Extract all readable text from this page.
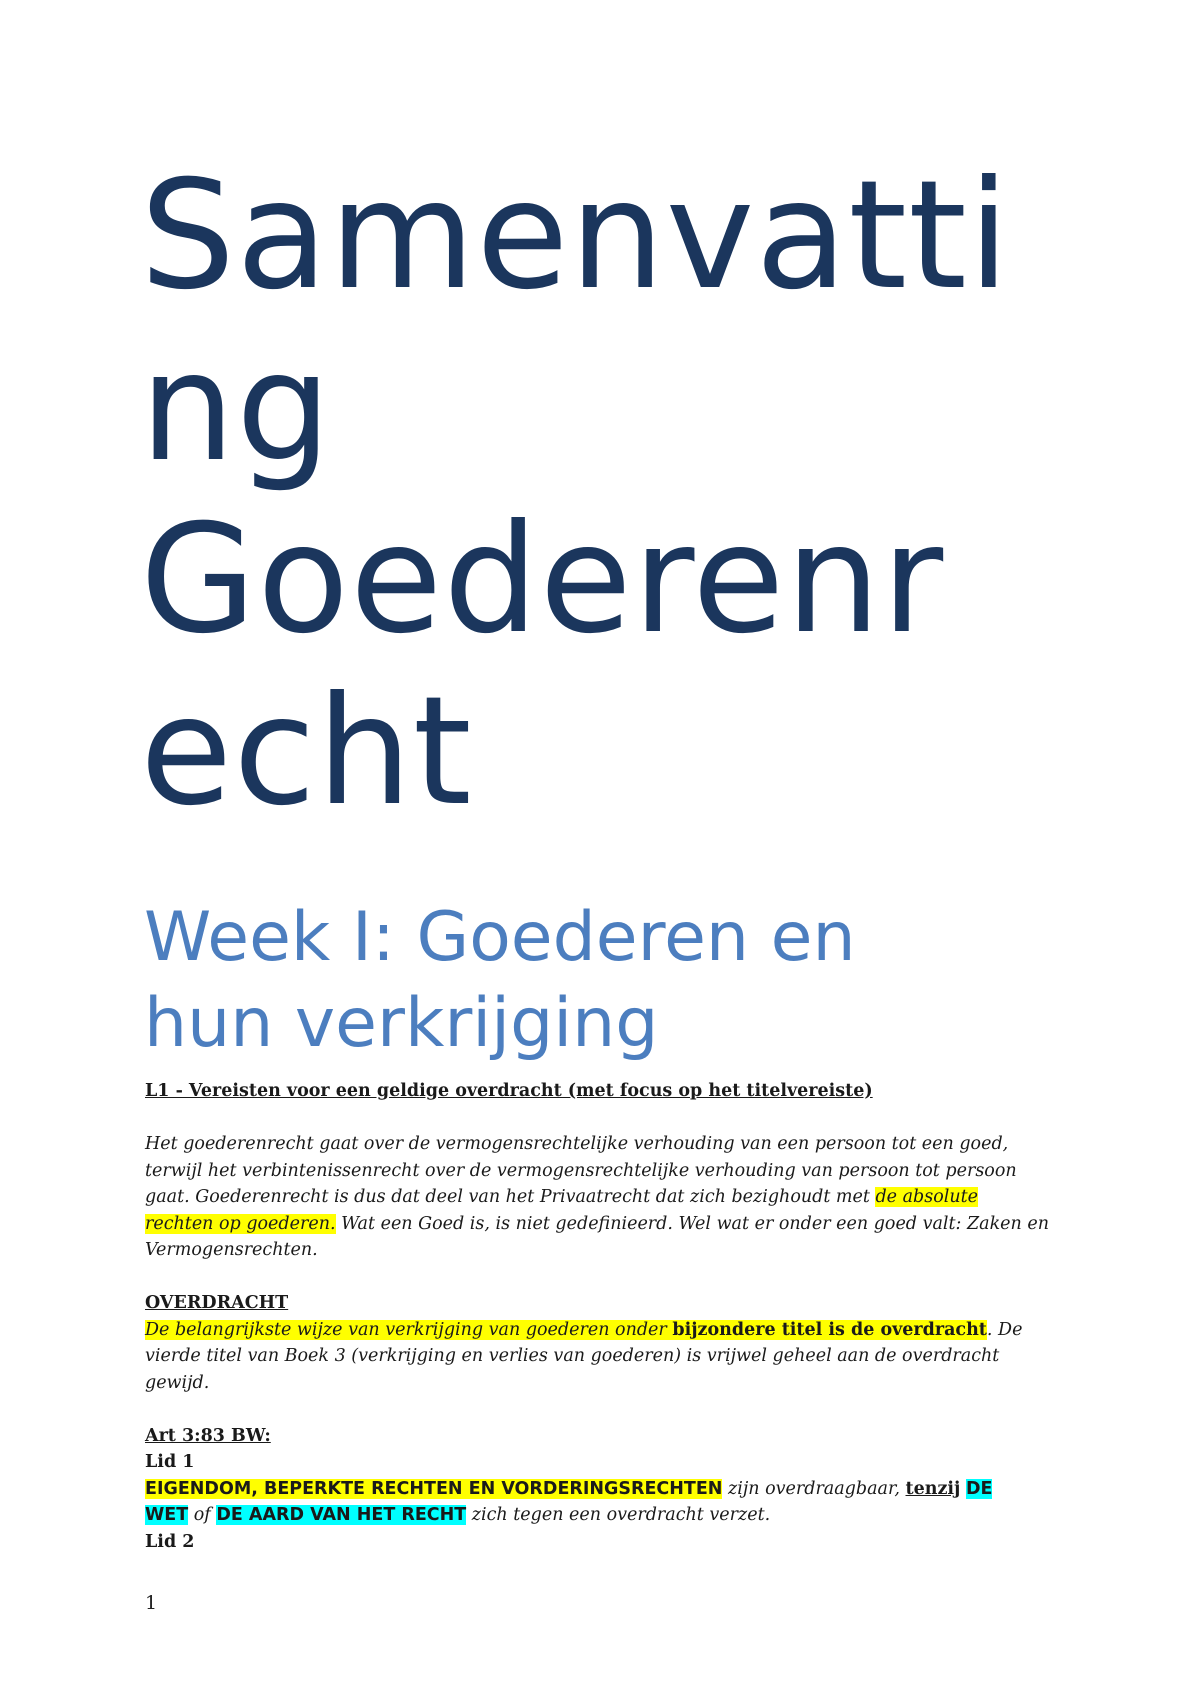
Samenvatti
ng
Goederenr
echt
Week I: Goederen en
hun verkrijging
L1 - Vereisten voor een geldige overdracht (met focus op het titelvereiste)
Het goederenrecht gaat over de vermogensrechtelijke verhouding van een persoon tot een goed,
terwijl het verbintenissenrecht over de vermogensrechtelijke verhouding van persoon tot persoon
gaat. Goederenrecht is dus dat deel van het Privaatrecht dat zich bezighoudt met de absolute
rechten op goederen. Wat een Goed is, is niet gedefinieerd. Wel wat er onder een goed valt: Zaken en
Vermogensrechten.
OVERDRACHT
De belangrijkste wijze van verkrijging van goederen onder bijzondere titel is de overdracht. De
vierde titel van Boek 3 (verkrijging en verlies van goederen) is vrijwel geheel aan de overdracht
gewijd.
Art 3:83 BW:
Lid 1
EIGENDOM, BEPERKTE RECHTEN EN VORDERINGSRECHTEN zijn overdraagbaar, tenzij DE
WET of DE AARD VAN HET RECHT zich tegen een overdracht verzet.
Lid 2
1
